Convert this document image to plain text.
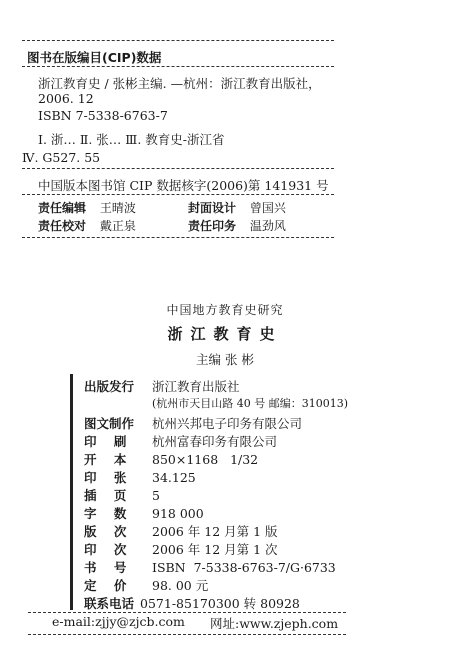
图书在版编目(CIP)数据
浙江教育史 / 张彬主编. —杭州：浙江教育出版社，
2006. 12
ISBN 7-5338-6763-7
Ⅰ. 浙… Ⅱ. 张… Ⅲ. 教育史-浙江省
Ⅳ. G527. 55
中国版本图书馆 CIP 数据核字(2006)第 141931 号
责任编辑 王晴波	封面设计 曾国兴
责任校对 戴正泉	责任印务 温劲风
中国地方教育史研究
浙江教育史
主编 张 彬
出版发行 浙江教育出版社
(杭州市天目山路 40 号 邮编：310013)
图文制作 杭州兴邦电子印务有限公司
印    刷 杭州富春印务有限公司
开    本 850×1168   1/32
印    张 34.125
插    页 5
字    数 918 000
版    次 2006 年 12 月第 1 版
印    次 2006 年 12 月第 1 次
书    号 ISBN  7-5338-6763-7/G·6733
定    价 98. 00 元
联系电话 0571-85170300 转 80928
e-mail:zjjy@zjcb.com 网址:www.zjeph.com
